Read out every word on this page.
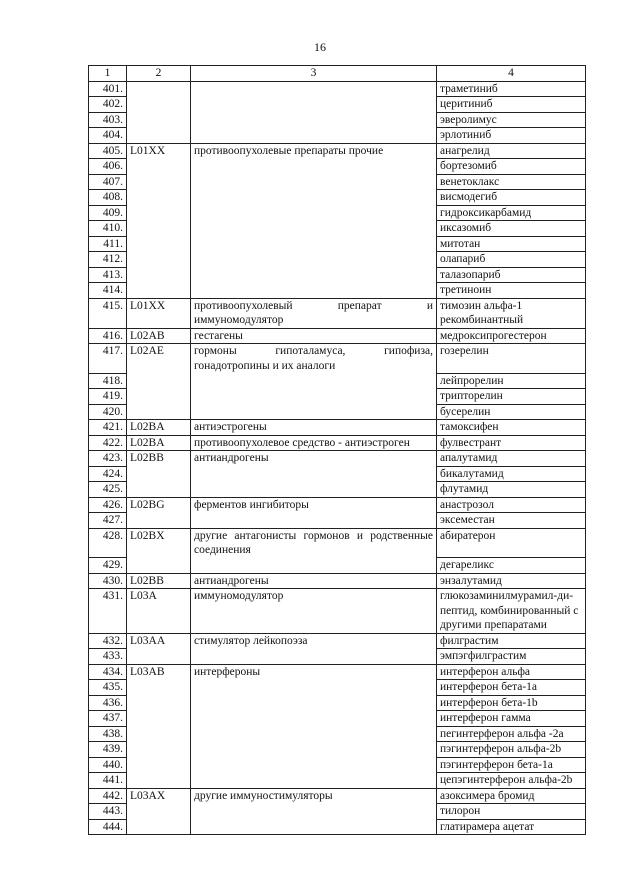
16
1	2	3	4
401.			траметиниб
402.			церитиниб
403.			эверолимус
404.			эрлотиниб
405.	L01XX	противоопухолевые препараты прочие	анагрелид
406.			бортезомиб
407.			венетоклакс
408.			висмодегиб
409.			гидроксикарбамид
410.			иксазомиб
411.			митотан
412.			олапариб
413.			талазопариб
414.			третиноин
415.	L01XX	противоопухолевый препарат и иммуномодулятор	тимозин альфа-1 рекомбинантный
416.	L02AB	гестагены	медроксипрогестерон
417.	L02AE	гормоны гипоталамуса, гипофиза, гонадотропины и их аналоги	гозерелин
418.			лейпрорелин
419.			трипторелин
420.			бусерелин
421.	L02BA	антиэстрогены	тамоксифен
422.	L02BA	противоопухолевое средство - антиэстроген	фулвестрант
423.	L02BB	антиандрогены	апалутамид
424.			бикалутамид
425.			флутамид
426.	L02BG	ферментов ингибиторы	анастрозол
427.			эксеместан
428.	L02BX	другие антагонисты гормонов и родственные соединения	абиратерон
429.			дегареликс
430.	L02BB	антиандрогены	энзалутамид
431.	L03A	иммуномодулятор	глюкозаминилмурамил-ди-пептид, комбинированный с другими препаратами
432.	L03AA	стимулятор лейкопоэза	филграстим
433.			эмпэгфилграстим
434.	L03AB	интерфероны	интерферон альфа
435.			интерферон бета-1а
436.			интерферон бета-1b
437.			интерферон гамма
438.			пегинтерферон альфа -2а
439.			пэгинтерферон альфа-2b
440.			пэгинтерферон бета-1а
441.			цепэгинтерферон альфа-2b
442.	L03AX	другие иммуностимуляторы	азоксимера бромид
443.			тилорон
444.			глатирамера ацетат
